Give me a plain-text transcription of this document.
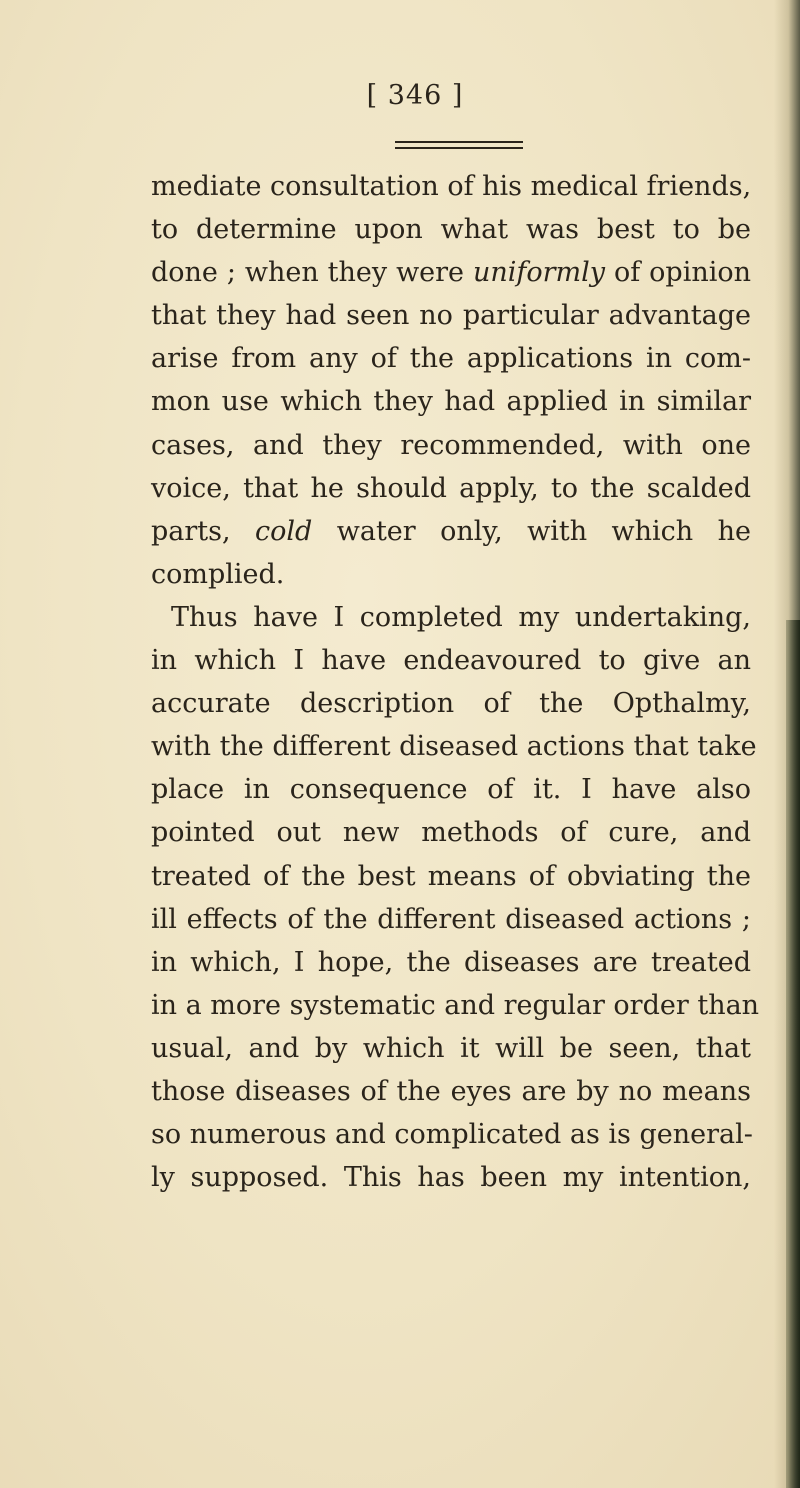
[ 346 ]
mediate consultation of his medical friends,
to determine upon what was best to be
done ; when they were uniformly of opinion
that they had seen no particular advantage
arise from any of the applications in com-
mon use which they had applied in similar
cases, and they recommended, with one
voice, that he should apply, to the scalded
parts, cold water only, with which he
complied.
Thus have I completed my undertaking,
in which I have endeavoured to give an
accurate description of the Opthalmy,
with the different diseased actions that take
place in consequence of it. I have also
pointed out new methods of cure, and
treated of the best means of obviating the
ill effects of the different diseased actions ;
in which, I hope, the diseases are treated
in a more systematic and regular order than
usual, and by which it will be seen, that
those diseases of the eyes are by no means
so numerous and complicated as is general-
ly supposed. This has been my intention,
